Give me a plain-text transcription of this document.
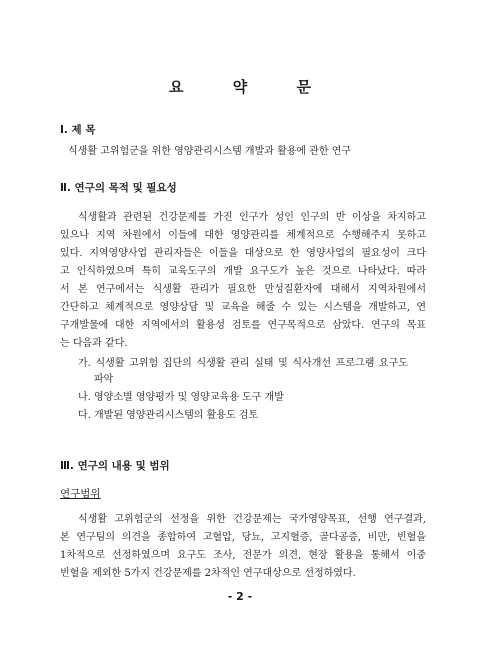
요 약 문
Ⅰ. 제 목
식생활 고위험군을 위한 영양관리시스템 개발과 활용에 관한 연구
Ⅱ. 연구의 목적 및 필요성
식생활과 관련된 건강문제를 가진 인구가 성인 인구의 반 이상을 차지하고
있으나 지역 차원에서 이들에 대한 영양관리를 체계적으로 수행해주지 못하고
있다. 지역영양사업 관리자들은 이들을 대상으로 한 영양사업의 필요성이 크다
고 인식하였으며 특히 교육도구의 개발 요구도가 높은 것으로 나타났다. 따라
서 본 연구에서는 식생활 관리가 필요한 만성질환자에 대해서 지역차원에서
간단하고 체계적으로 영양상담 및 교육을 해줄 수 있는 시스템을 개발하고, 연
구개발물에 대한 지역에서의 활용성 검토를 연구목적으로 삼았다. 연구의 목표
는 다음과 같다.
가. 식생활 고위험 집단의 식생활 관리 실태 및 식사개선 프로그램 요구도
파악
나. 영양소별 영양평가 및 영양교육용 도구 개발
다. 개발된 영양관리시스템의 활용도 검토
Ⅲ. 연구의 내용 및 범위
연구범위
식생활 고위험군의 선정을 위한 건강문제는 국가영양목표, 선행 연구결과,
본 연구팀의 의견을 종합하여 고혈압, 당뇨, 고지혈증, 골다공증, 비만, 빈혈을
1차적으로 선정하였으며 요구도 조사, 전문가 의견, 현장 활용을 통해서 이중
빈혈을 제외한 5가지 건강문제를 2차적인 연구대상으로 선정하였다.
- 2 -
